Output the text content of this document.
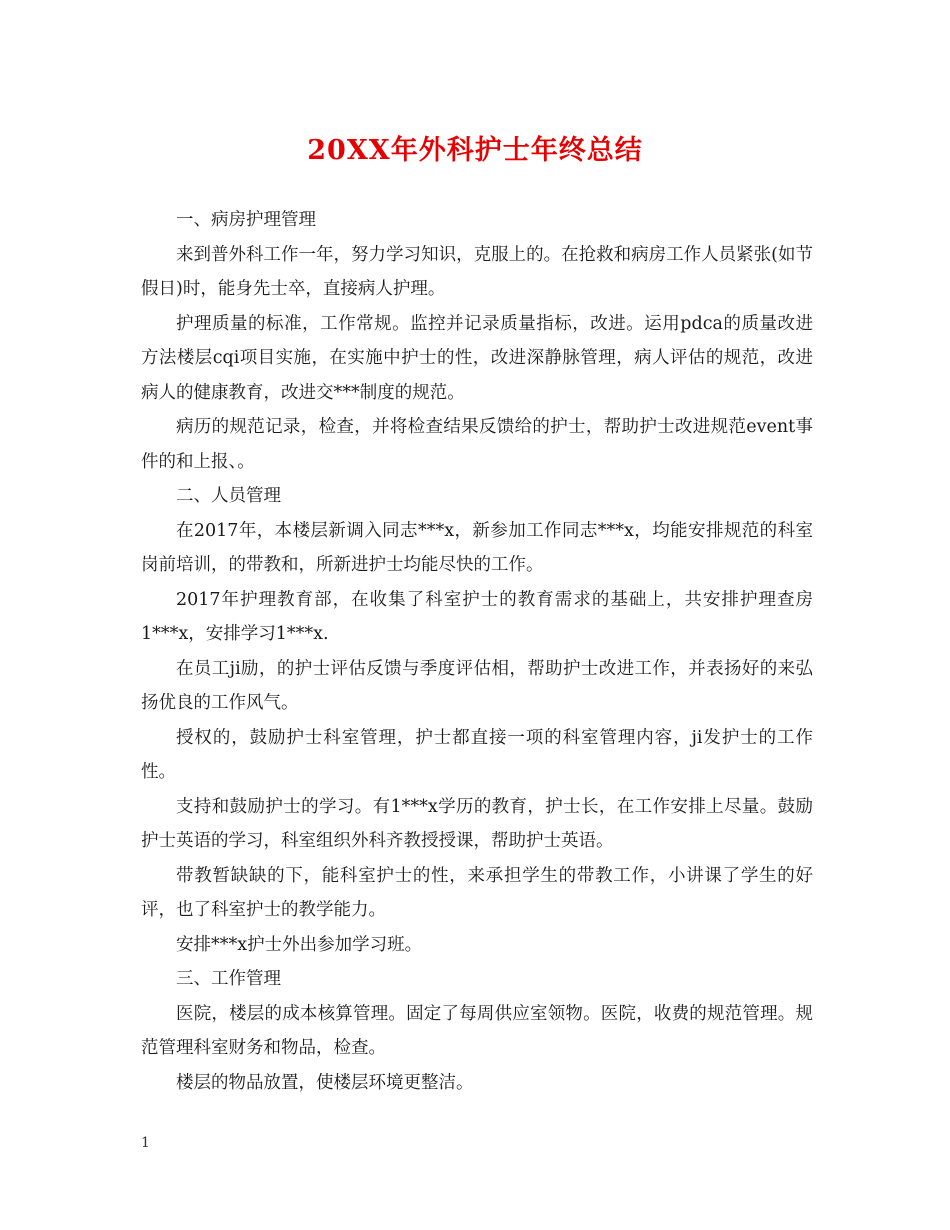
20XX年外科护士年终总结

一、病房护理管理

来到普外科工作一年，努力学习知识，克服上的。在抢救和病房工作人员紧张(如节假日)时，能身先士卒，直接病人护理。

护理质量的标准，工作常规。监控并记录质量指标，改进。运用pdca的质量改进方法楼层cqi项目实施，在实施中护士的性，改进深静脉管理，病人评估的规范，改进病人的健康教育，改进交***制度的规范。

病历的规范记录，检查，并将检查结果反馈给的护士，帮助护士改进规范event事件的和上报、。

二、人员管理

在2017年，本楼层新调入同志***x，新参加工作同志***x，均能安排规范的科室岗前培训，的带教和，所新进护士均能尽快的工作。

2017年护理教育部，在收集了科室护士的教育需求的基础上，共安排护理查房1***x，安排学习1***x.

在员工ji励，的护士评估反馈与季度评估相，帮助护士改进工作，并表扬好的来弘扬优良的工作风气。

授权的，鼓励护士科室管理，护士都直接一项的科室管理内容，ji发护士的工作性。

支持和鼓励护士的学习。有1***x学历的教育，护士长，在工作安排上尽量。鼓励护士英语的学习，科室组织外科齐教授授课，帮助护士英语。

带教暂缺缺的下，能科室护士的性，来承担学生的带教工作，小讲课了学生的好评，也了科室护士的教学能力。

安排***x护士外出参加学习班。

三、工作管理

医院，楼层的成本核算管理。固定了每周供应室领物。医院，收费的规范管理。规范管理科室财务和物品，检查。

楼层的物品放置，使楼层环境更整洁。

1
